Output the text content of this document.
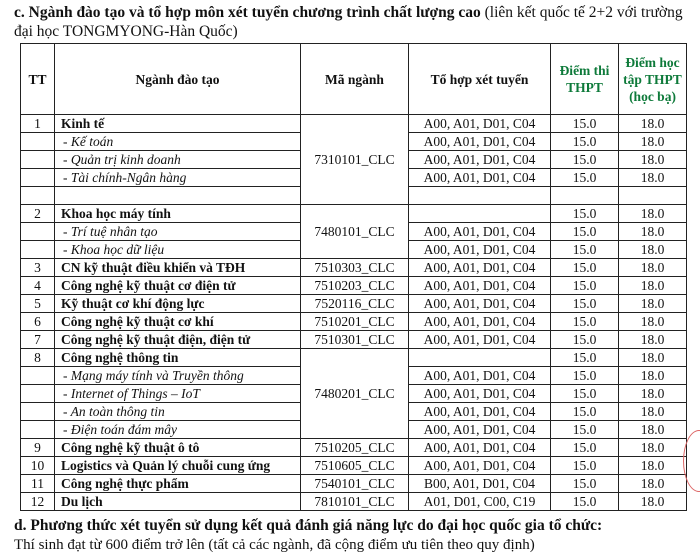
c. Ngành đào tạo và tổ hợp môn xét tuyển chương trình chất lượng cao (liên kết quốc tế 2+2 với trường đại học TONGMYONG-Hàn Quốc)
TT	Ngành đào tạo	Mã ngành	Tổ hợp xét tuyển	Điểm thi THPT	Điểm học tập THPT (học bạ)
1	Kinh tế	7310101_CLC	A00, A01, D01, C04	15.0	18.0
	- Kế toán		A00, A01, D01, C04	15.0	18.0
	- Quản trị kinh doanh		A00, A01, D01, C04	15.0	18.0
	- Tài chính-Ngân hàng		A00, A01, D01, C04	15.0	18.0

2	Khoa học máy tính	7480101_CLC		15.0	18.0
	- Trí tuệ nhân tạo		A00, A01, D01, C04	15.0	18.0
	- Khoa học dữ liệu		A00, A01, D01, C04	15.0	18.0
3	CN kỹ thuật điều khiển và TĐH	7510303_CLC	A00, A01, D01, C04	15.0	18.0
4	Công nghệ kỹ thuật cơ điện tử	7510203_CLC	A00, A01, D01, C04	15.0	18.0
5	Kỹ thuật cơ khí động lực	7520116_CLC	A00, A01, D01, C04	15.0	18.0
6	Công nghệ kỹ thuật cơ khí	7510201_CLC	A00, A01, D01, C04	15.0	18.0
7	Công nghệ kỹ thuật điện, điện tử	7510301_CLC	A00, A01, D01, C04	15.0	18.0
8	Công nghệ thông tin	7480201_CLC		15.0	18.0
	- Mạng máy tính và Truyền thông		A00, A01, D01, C04	15.0	18.0
	- Internet of Things – IoT		A00, A01, D01, C04	15.0	18.0
	- An toàn thông tin		A00, A01, D01, C04	15.0	18.0
	- Điện toán đám mây		A00, A01, D01, C04	15.0	18.0
9	Công nghệ kỹ thuật ô tô	7510205_CLC	A00, A01, D01, C04	15.0	18.0
10	Logistics và Quản lý chuỗi cung ứng	7510605_CLC	A00, A01, D01, C04	15.0	18.0
11	Công nghệ thực phẩm	7540101_CLC	B00, A01, D01, C04	15.0	18.0
12	Du lịch	7810101_CLC	A01, D01, C00, C19	15.0	18.0
d. Phương thức xét tuyển sử dụng kết quả đánh giá năng lực do đại học quốc gia tổ chức:
Thí sinh đạt từ 600 điểm trở lên (tất cả các ngành, đã cộng điểm ưu tiên theo quy định)
